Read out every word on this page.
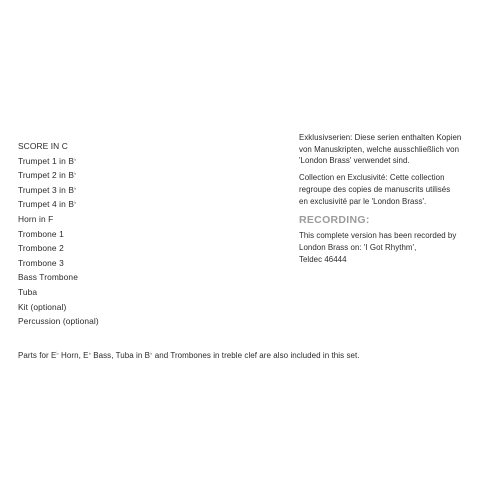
SCORE IN C
Trumpet 1 in B♭
Trumpet 2 in B♭
Trumpet 3 in B♭
Trumpet 4 in B♭
Horn in F
Trombone 1
Trombone 2
Trombone 3
Bass Trombone
Tuba
Kit (optional)
Percussion (optional)
Exklusivserien: Diese serien enthalten Kopien
von Manuskripten, welche ausschließlich von
'London Brass' verwendet sind.
Collection en Exclusivité: Cette collection
regroupe des copies de manuscrits utilisés
en exclusivité par le 'London Brass'.
RECORDING:
This complete version has been recorded by
London Brass on: 'I Got Rhythm',
Teldec 46444
Parts for E♭ Horn, E♭ Bass, Tuba in B♭ and Trombones in treble clef are also included in this set.
